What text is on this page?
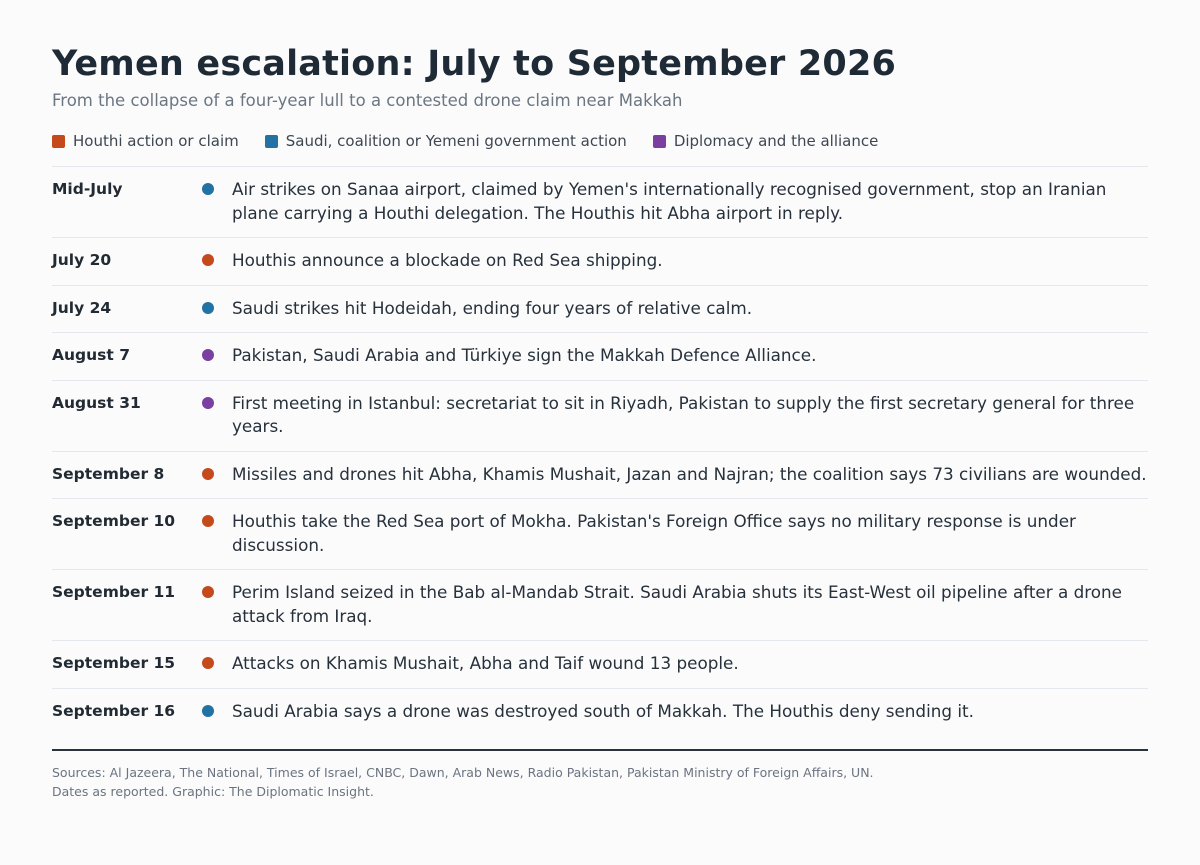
Yemen escalation: July to September 2026
From the collapse of a four-year lull to a contested drone claim near Makkah
Houthi action or claim	Saudi, coalition or Yemeni government action	Diplomacy and the alliance
Mid-July	Air strikes on Sanaa airport, claimed by Yemen's internationally recognised government, stop an Iranian plane carrying a Houthi delegation. The Houthis hit Abha airport in reply.
July 20	Houthis announce a blockade on Red Sea shipping.
July 24	Saudi strikes hit Hodeidah, ending four years of relative calm.
August 7	Pakistan, Saudi Arabia and Türkiye sign the Makkah Defence Alliance.
August 31	First meeting in Istanbul: secretariat to sit in Riyadh, Pakistan to supply the first secretary general for three years.
September 8	Missiles and drones hit Abha, Khamis Mushait, Jazan and Najran; the coalition says 73 civilians are wounded.
September 10	Houthis take the Red Sea port of Mokha. Pakistan's Foreign Office says no military response is under discussion.
September 11	Perim Island seized in the Bab al-Mandab Strait. Saudi Arabia shuts its East-West oil pipeline after a drone attack from Iraq.
September 15	Attacks on Khamis Mushait, Abha and Taif wound 13 people.
September 16	Saudi Arabia says a drone was destroyed south of Makkah. The Houthis deny sending it.
Sources: Al Jazeera, The National, Times of Israel, CNBC, Dawn, Arab News, Radio Pakistan, Pakistan Ministry of Foreign Affairs, UN.
Dates as reported. Graphic: The Diplomatic Insight.
